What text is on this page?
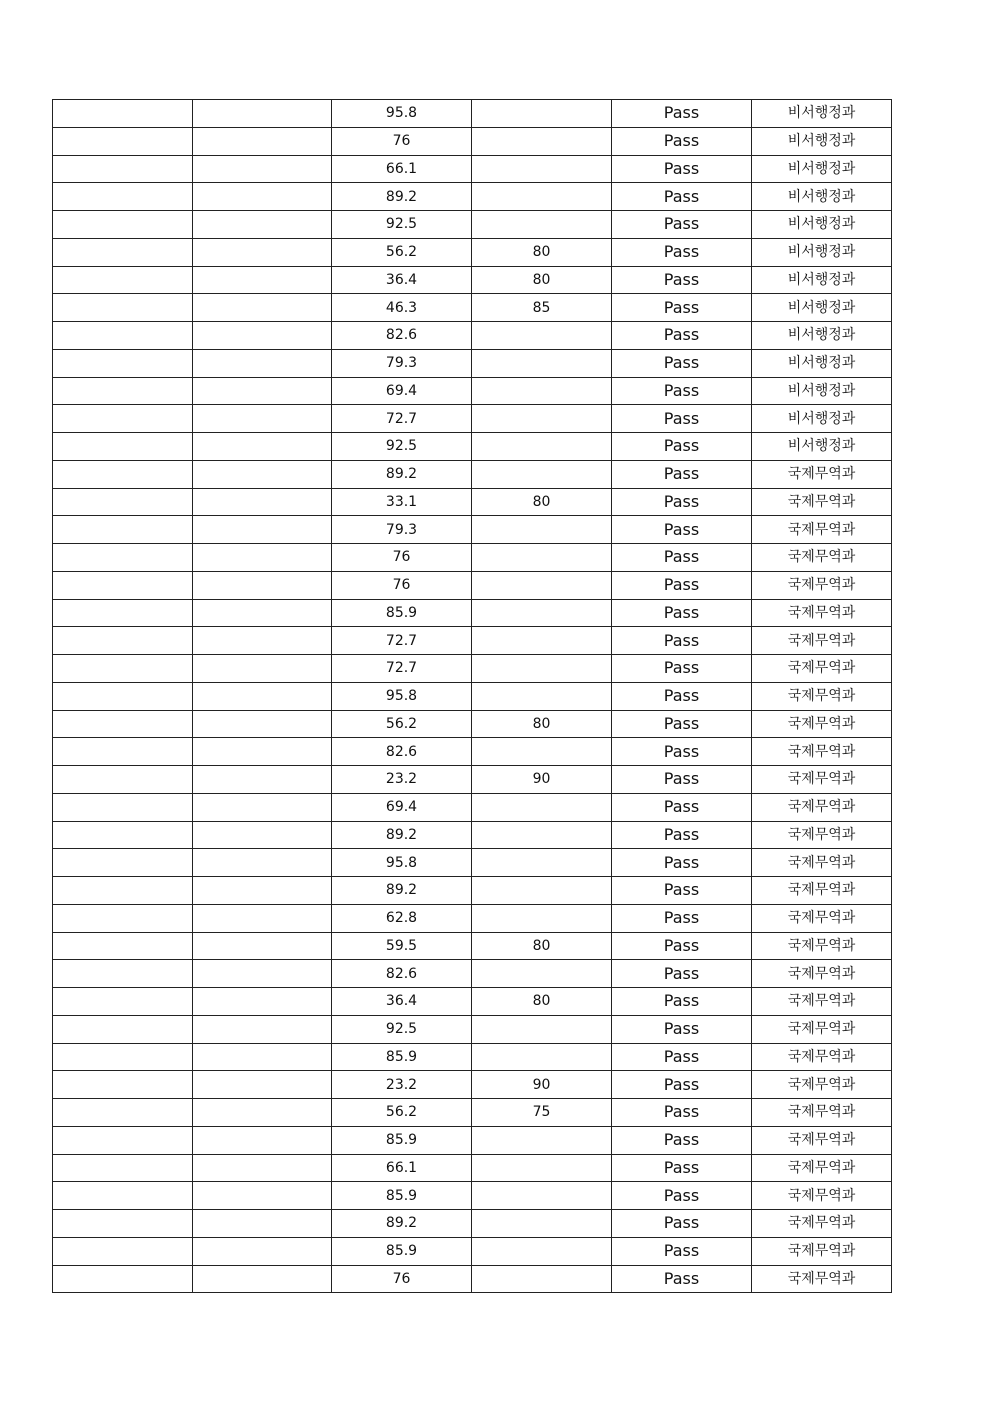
		95.8		Pass	비서행정과
		76		Pass	비서행정과
		66.1		Pass	비서행정과
		89.2		Pass	비서행정과
		92.5		Pass	비서행정과
		56.2	80	Pass	비서행정과
		36.4	80	Pass	비서행정과
		46.3	85	Pass	비서행정과
		82.6		Pass	비서행정과
		79.3		Pass	비서행정과
		69.4		Pass	비서행정과
		72.7		Pass	비서행정과
		92.5		Pass	비서행정과
		89.2		Pass	국제무역과
		33.1	80	Pass	국제무역과
		79.3		Pass	국제무역과
		76		Pass	국제무역과
		76		Pass	국제무역과
		85.9		Pass	국제무역과
		72.7		Pass	국제무역과
		72.7		Pass	국제무역과
		95.8		Pass	국제무역과
		56.2	80	Pass	국제무역과
		82.6		Pass	국제무역과
		23.2	90	Pass	국제무역과
		69.4		Pass	국제무역과
		89.2		Pass	국제무역과
		95.8		Pass	국제무역과
		89.2		Pass	국제무역과
		62.8		Pass	국제무역과
		59.5	80	Pass	국제무역과
		82.6		Pass	국제무역과
		36.4	80	Pass	국제무역과
		92.5		Pass	국제무역과
		85.9		Pass	국제무역과
		23.2	90	Pass	국제무역과
		56.2	75	Pass	국제무역과
		85.9		Pass	국제무역과
		66.1		Pass	국제무역과
		85.9		Pass	국제무역과
		89.2		Pass	국제무역과
		85.9		Pass	국제무역과
		76		Pass	국제무역과
